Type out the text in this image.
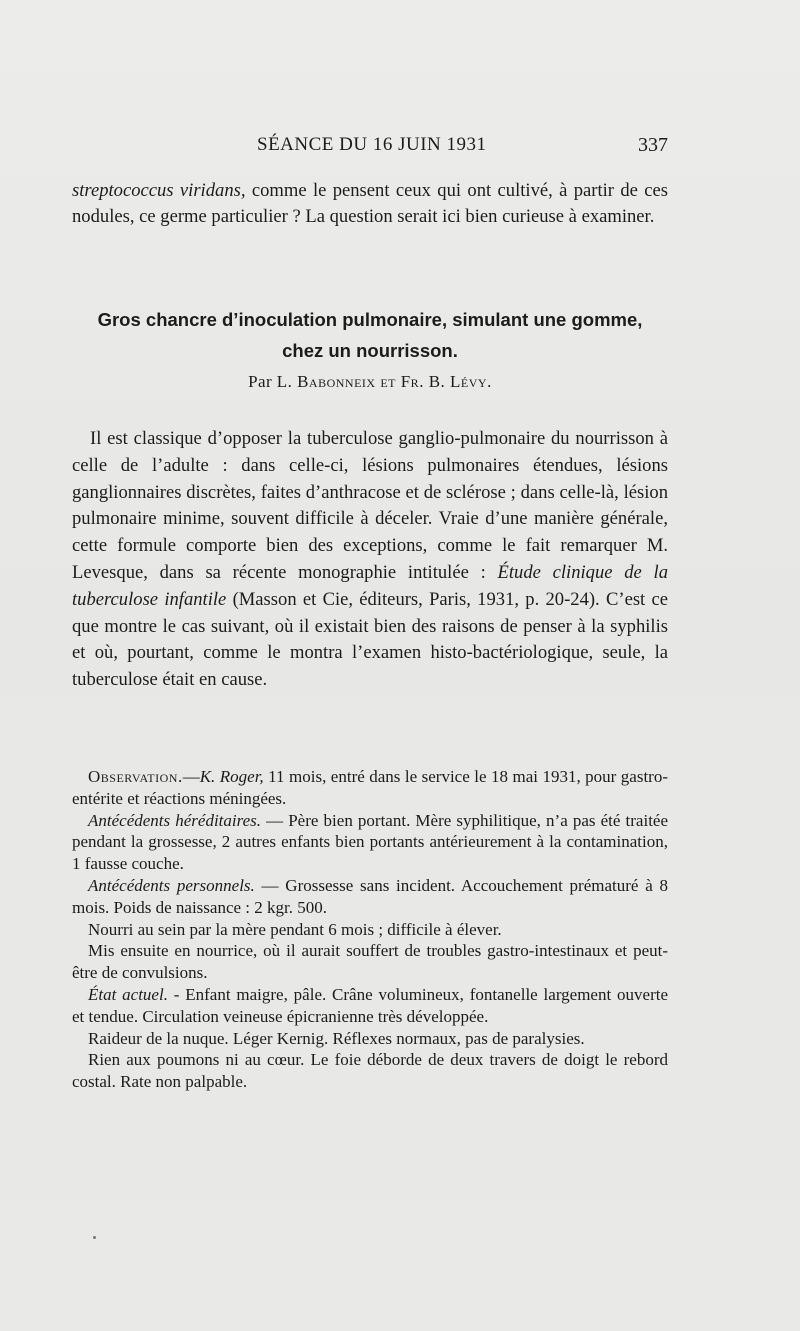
SÉANCE DU 16 JUIN 1931	337

streptococcus viridans, comme le pensent ceux qui ont cultivé, à partir de ces nodules, ce germe particulier ? La question serait ici bien curieuse à examiner.

Gros chancre d’inoculation pulmonaire, simulant une gomme,
chez un nourrisson.
Par L. Babonneix et Fr. B. Lévy.

Il est classique d’opposer la tuberculose ganglio-pulmonaire du nourrisson à celle de l’adulte : dans celle-ci, lésions pulmonaires étendues, lésions ganglionnaires discrètes, faites d’anthracose et de sclérose ; dans celle-là, lésion pulmonaire minime, souvent difficile à déceler. Vraie d’une manière générale, cette formule comporte bien des exceptions, comme le fait remarquer M. Levesque, dans sa récente monographie intitulée : Étude clinique de la tuberculose infantile (Masson et Cie, éditeurs, Paris, 1931, p. 20-24). C’est ce que montre le cas suivant, où il existait bien des raisons de penser à la syphilis et où, pourtant, comme le montra l’examen histo-bactériologique, seule, la tuberculose était en cause.

Observation.—K. Roger, 11 mois, entré dans le service le 18 mai 1931, pour gastro-entérite et réactions méningées.

Antécédents héréditaires. — Père bien portant. Mère syphilitique, n’a pas été traitée pendant la grossesse, 2 autres enfants bien portants antérieurement à la contamination, 1 fausse couche.

Antécédents personnels. — Grossesse sans incident. Accouchement prématuré à 8 mois. Poids de naissance : 2 kgr. 500.

Nourri au sein par la mère pendant 6 mois ; difficile à élever.

Mis ensuite en nourrice, où il aurait souffert de troubles gastro-intestinaux et peut-être de convulsions.

État actuel. - Enfant maigre, pâle. Crâne volumineux, fontanelle largement ouverte et tendue. Circulation veineuse épicranienne très développée.

Raideur de la nuque. Léger Kernig. Réflexes normaux, pas de paralysies.

Rien aux poumons ni au cœur. Le foie déborde de deux travers de doigt le rebord costal. Rate non palpable.
